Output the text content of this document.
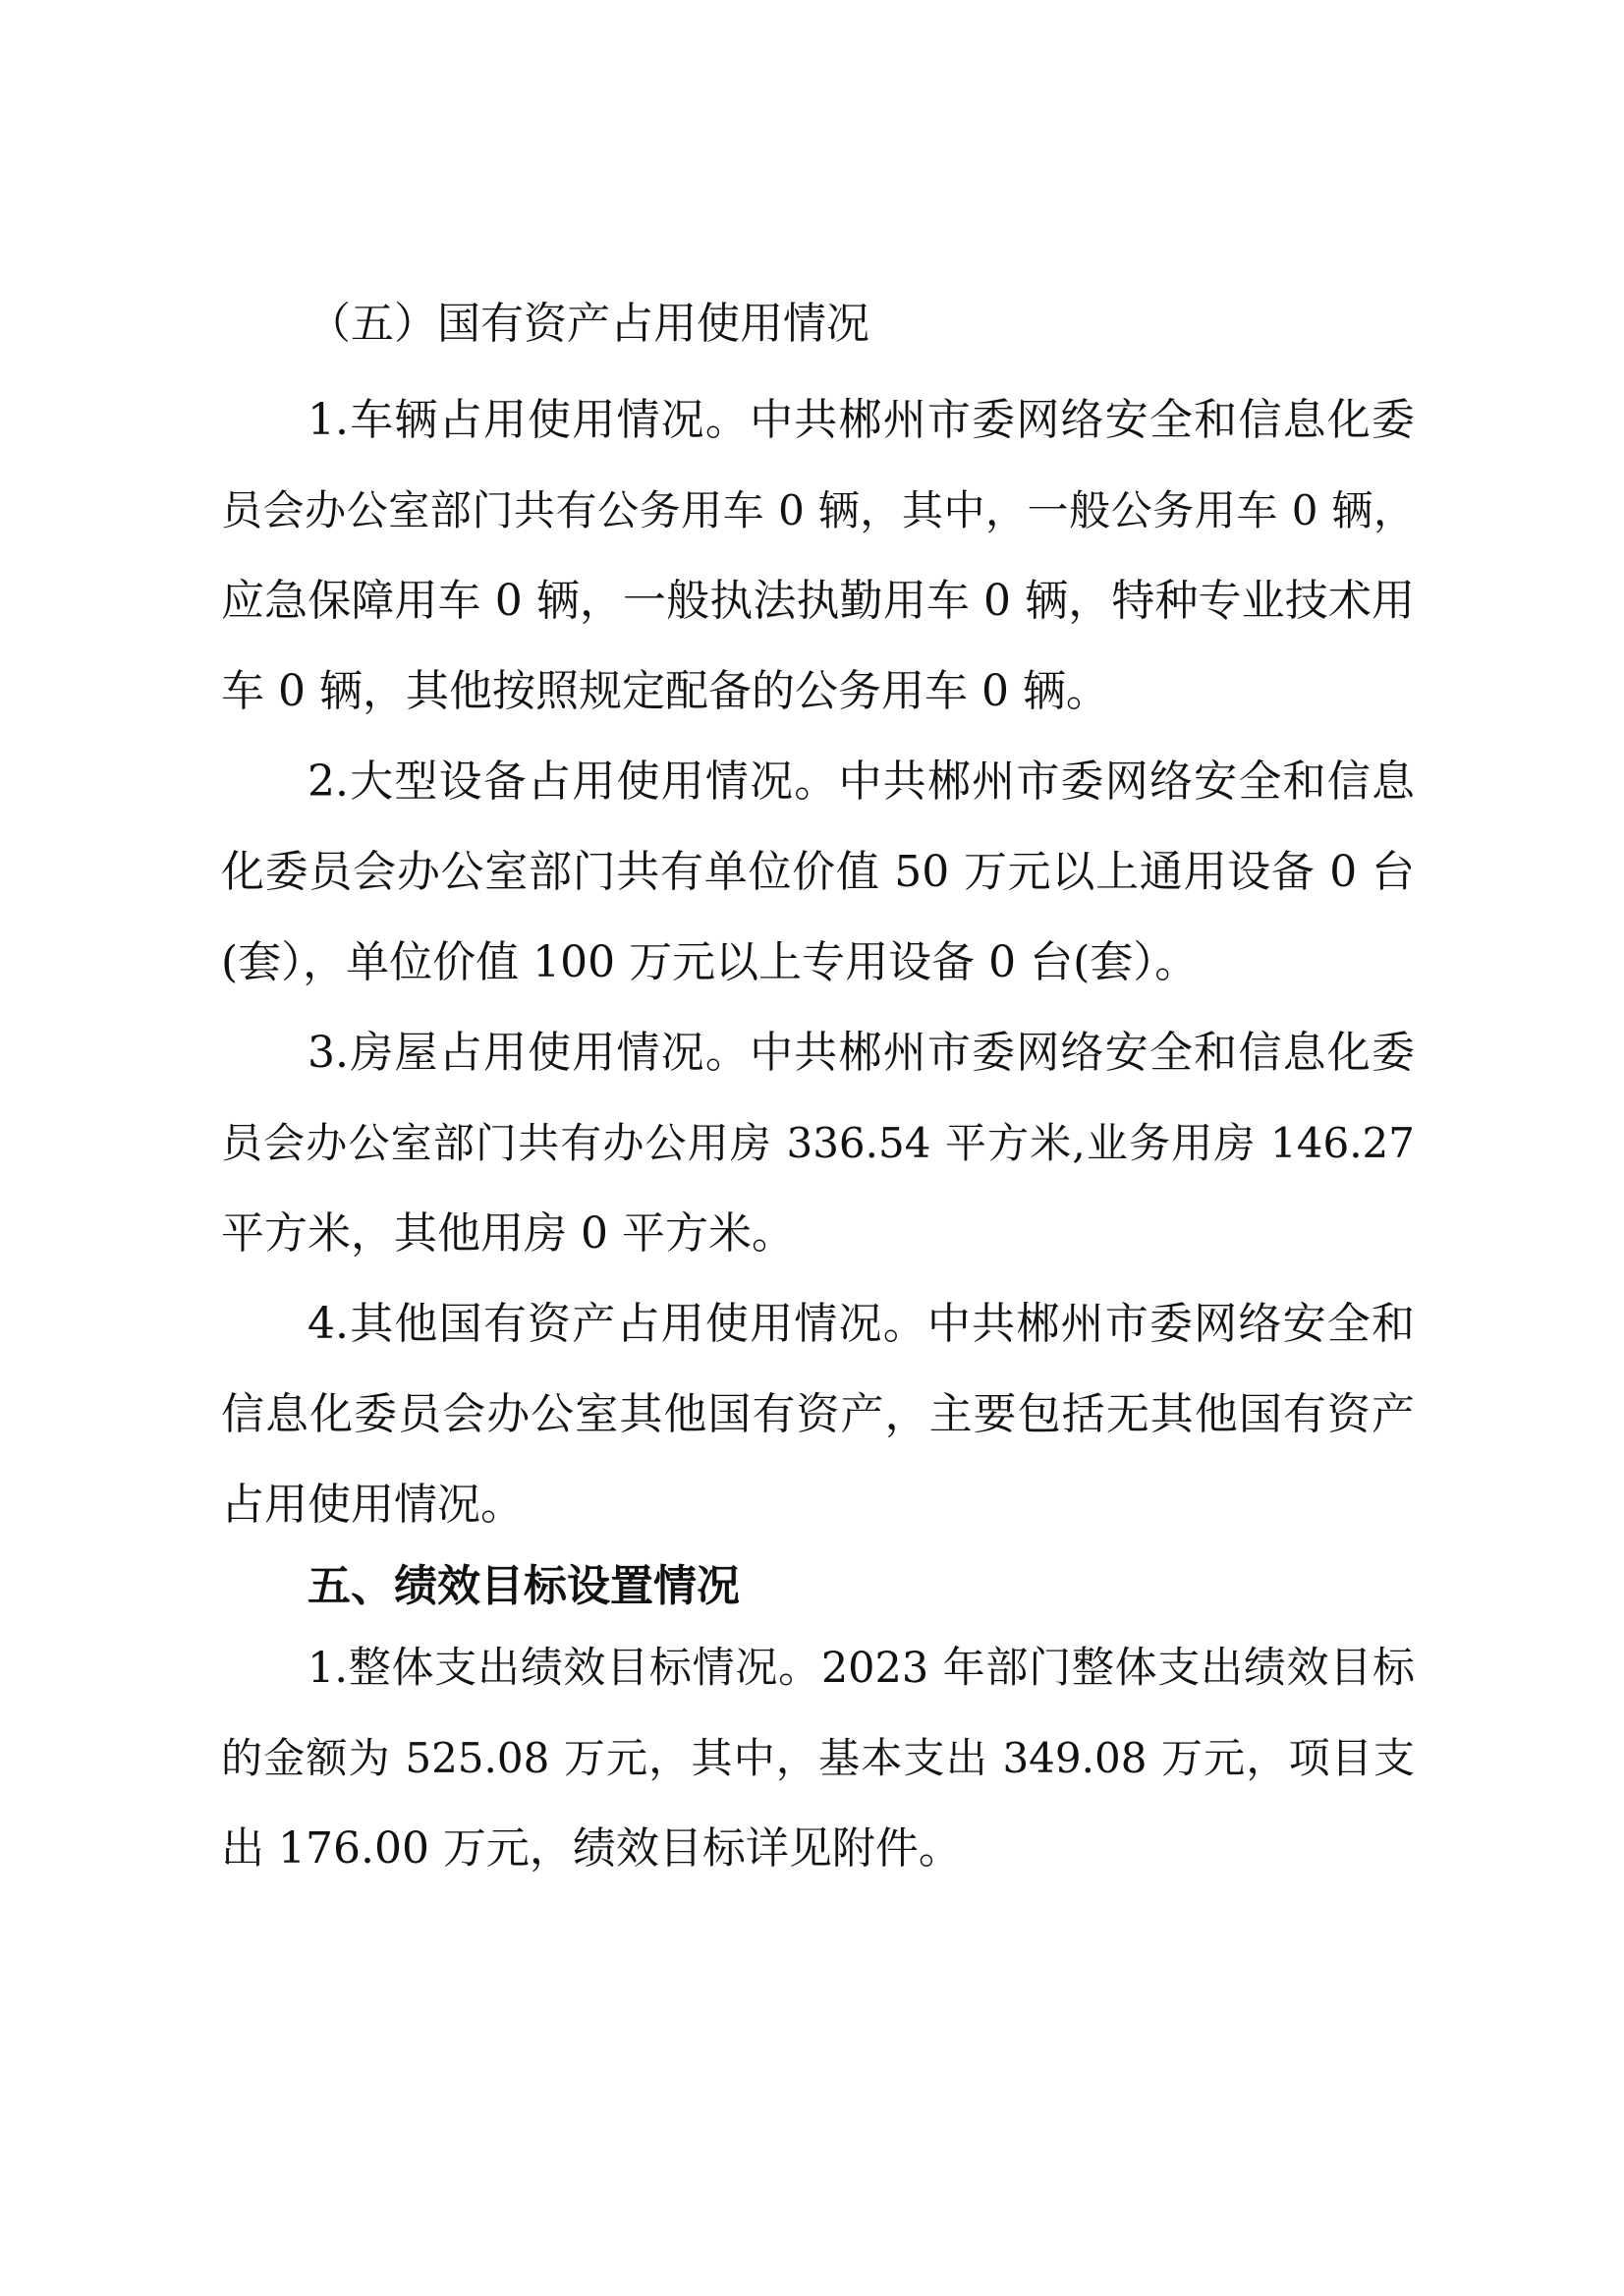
（五）国有资产占用使用情况
1.车辆占用使用情况。中共郴州市委网络安全和信息化委
员会办公室部门共有公务用车 0 辆，其中，一般公务用车 0 辆，
应急保障用车 0 辆，一般执法执勤用车 0 辆，特种专业技术用
车 0 辆，其他按照规定配备的公务用车 0 辆。
2.大型设备占用使用情况。中共郴州市委网络安全和信息
化委员会办公室部门共有单位价值 50 万元以上通用设备 0 台
(套），单位价值 100 万元以上专用设备 0 台(套）。
3.房屋占用使用情况。中共郴州市委网络安全和信息化委
员会办公室部门共有办公用房 336.54 平方米,业务用房 146.27
平方米，其他用房 0 平方米。
4.其他国有资产占用使用情况。中共郴州市委网络安全和
信息化委员会办公室其他国有资产，主要包括无其他国有资产
占用使用情况。
五、绩效目标设置情况
1.整体支出绩效目标情况。2023 年部门整体支出绩效目标
的金额为 525.08 万元，其中，基本支出 349.08 万元，项目支
出 176.00 万元，绩效目标详见附件。
